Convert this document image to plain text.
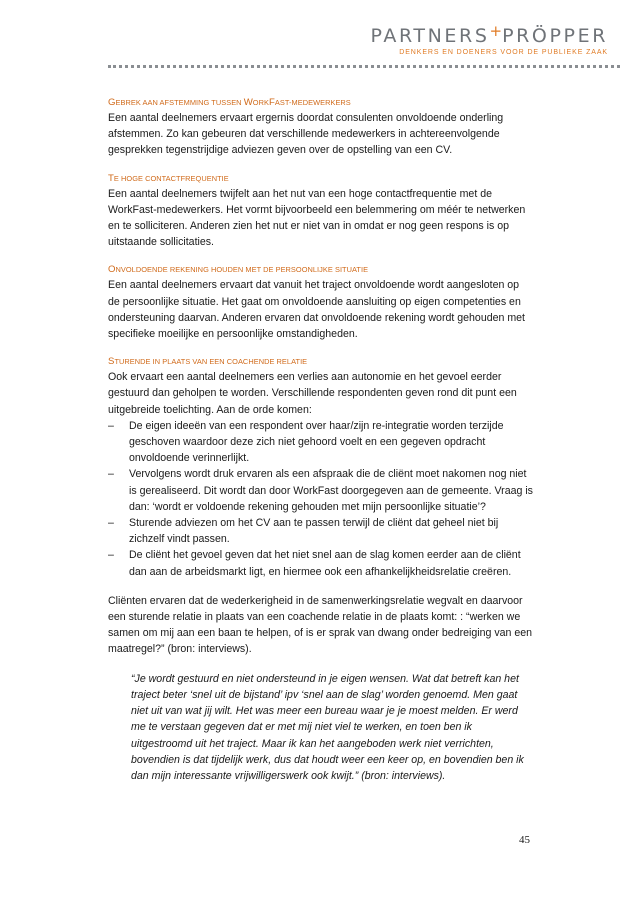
PARTNERS+PRÖPPER
DENKERS EN DOENERS VOOR DE PUBLIEKE ZAAK
GEBREK AAN AFSTEMMING TUSSEN WORKFAST-MEDEWERKERS

Een aantal deelnemers ervaart ergernis doordat consulenten onvoldoende onderling afstemmen. Zo kan gebeuren dat verschillende medewerkers in achtereenvolgende gesprekken tegenstrijdige adviezen geven over de opstelling van een CV.

TE HOGE CONTACTFREQUENTIE

Een aantal deelnemers twijfelt aan het nut van een hoge contactfrequentie met de WorkFast-medewerkers. Het vormt bijvoorbeeld een belemmering om méér te netwerken en te solliciteren. Anderen zien het nut er niet van in omdat er nog geen respons is op uitstaande sollicitaties.

ONVOLDOENDE REKENING HOUDEN MET DE PERSOONLIJKE SITUATIE

Een aantal deelnemers ervaart dat vanuit het traject onvoldoende wordt aangesloten op de persoonlijke situatie. Het gaat om onvoldoende aansluiting op eigen competenties en ondersteuning daarvan. Anderen ervaren dat onvoldoende rekening wordt gehouden met specifieke moeilijke en persoonlijke omstandigheden.

STURENDE IN PLAATS VAN EEN COACHENDE RELATIE

Ook ervaart een aantal deelnemers een verlies aan autonomie en het gevoel eerder gestuurd dan geholpen te worden. Verschillende respondenten geven rond dit punt een uitgebreide toelichting. Aan de orde komen:

– De eigen ideeën van een respondent over haar/zijn re-integratie worden terzijde geschoven waardoor deze zich niet gehoord voelt en een gegeven opdracht onvoldoende verinnerlijkt.
– Vervolgens wordt druk ervaren als een afspraak die de cliënt moet nakomen nog niet is gerealiseerd. Dit wordt dan door WorkFast doorgegeven aan de gemeente. Vraag is dan: ‘wordt er voldoende rekening gehouden met mijn persoonlijke situatie’?
– Sturende adviezen om het CV aan te passen terwijl de cliënt dat geheel niet bij zichzelf vindt passen.
– De cliënt het gevoel geven dat het niet snel aan de slag komen eerder aan de cliënt dan aan de arbeidsmarkt ligt, en hiermee ook een afhankelijkheidsrelatie creëren.

Cliënten ervaren dat de wederkerigheid in de samenwerkingsrelatie wegvalt en daarvoor een sturende relatie in plaats van een coachende relatie in de plaats komt: : “werken we samen om mij aan een baan te helpen, of is er sprak van dwang onder bedreiging van een maatregel?” (bron: interviews).

“Je wordt gestuurd en niet ondersteund in je eigen wensen. Wat dat betreft kan het traject beter ‘snel uit de bijstand’ ipv ‘snel aan de slag’ worden genoemd. Men gaat niet uit van wat jij wilt. Het was meer een bureau waar je je moest melden. Er werd me te verstaan gegeven dat er met mij niet viel te werken, en toen ben ik uitgestroomd uit het traject. Maar ik kan het aangeboden werk niet verrichten, bovendien is dat tijdelijk werk, dus dat houdt weer een keer op, en bovendien ben ik dan mijn interessante vrijwilligerswerk ook kwijt.” (bron: interviews).

45
